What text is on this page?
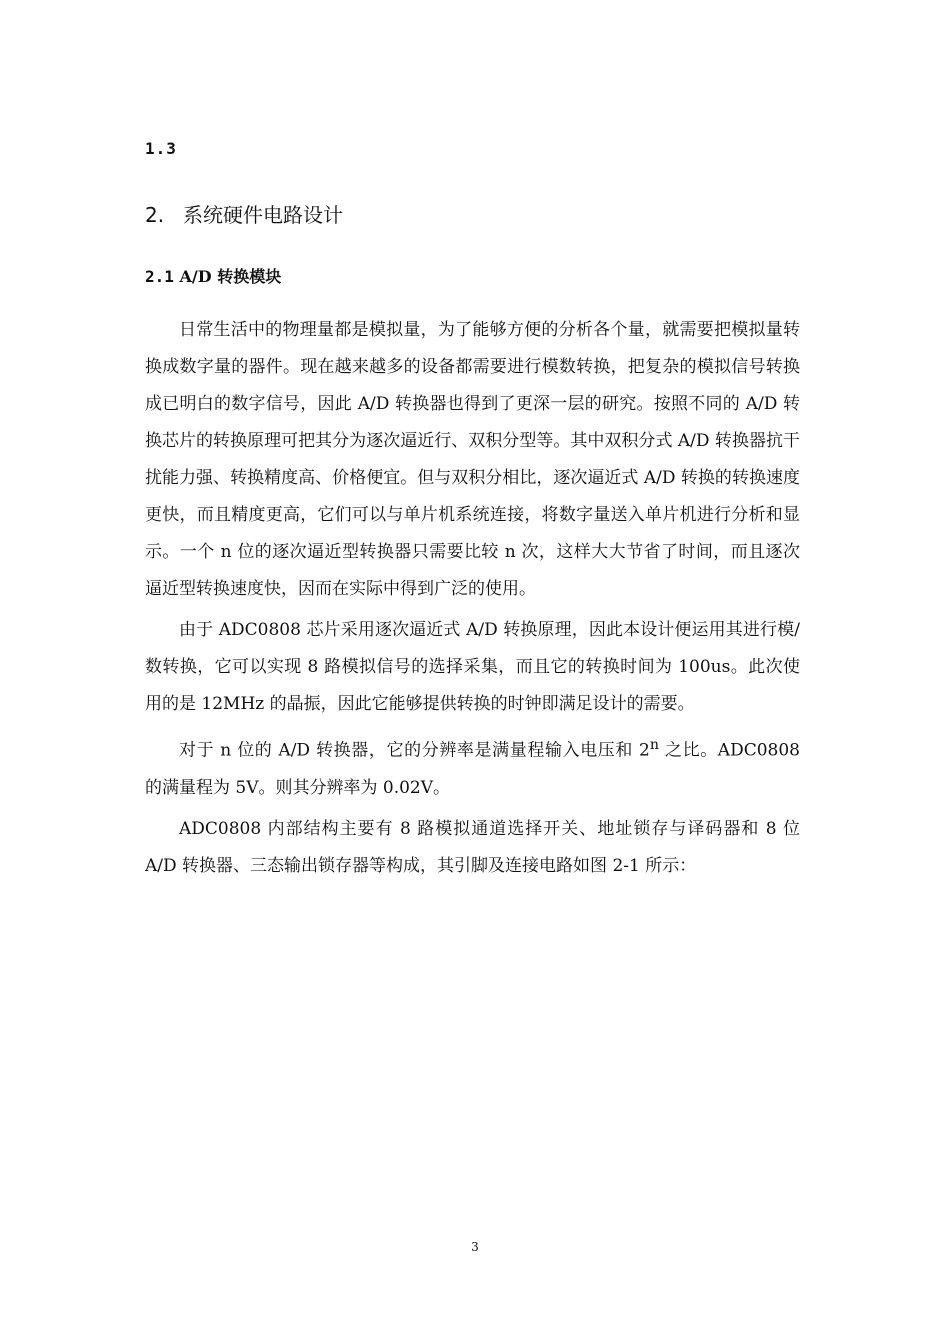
1.3
2. 系统硬件电路设计
2.1 A/D 转换模块

日常生活中的物理量都是模拟量，为了能够方便的分析各个量，就需要把模拟量转换成数字量的器件。现在越来越多的设备都需要进行模数转换，把复杂的模拟信号转换成已明白的数字信号，因此 A/D 转换器也得到了更深一层的研究。按照不同的 A/D 转换芯片的转换原理可把其分为逐次逼近行、双积分型等。其中双积分式 A/D 转换器抗干扰能力强、转换精度高、价格便宜。但与双积分相比，逐次逼近式 A/D 转换的转换速度更快，而且精度更高，它们可以与单片机系统连接，将数字量送入单片机进行分析和显示。一个 n 位的逐次逼近型转换器只需要比较 n 次，这样大大节省了时间，而且逐次逼近型转换速度快，因而在实际中得到广泛的使用。

由于 ADC0808 芯片采用逐次逼近式 A/D 转换原理，因此本设计便运用其进行模/数转换，它可以实现 8 路模拟信号的选择采集，而且它的转换时间为 100us。此次使用的是 12MHz 的晶振，因此它能够提供转换的时钟即满足设计的需要。

对于 n 位的 A/D 转换器，它的分辨率是满量程输入电压和 2$^n$ 之比。ADC0808 的满量程为 5V。则其分辨率为 0.02V。

ADC0808 内部结构主要有 8 路模拟通道选择开关、地址锁存与译码器和 8 位 A/D 转换器、三态输出锁存器等构成，其引脚及连接电路如图 2-1 所示：

3
